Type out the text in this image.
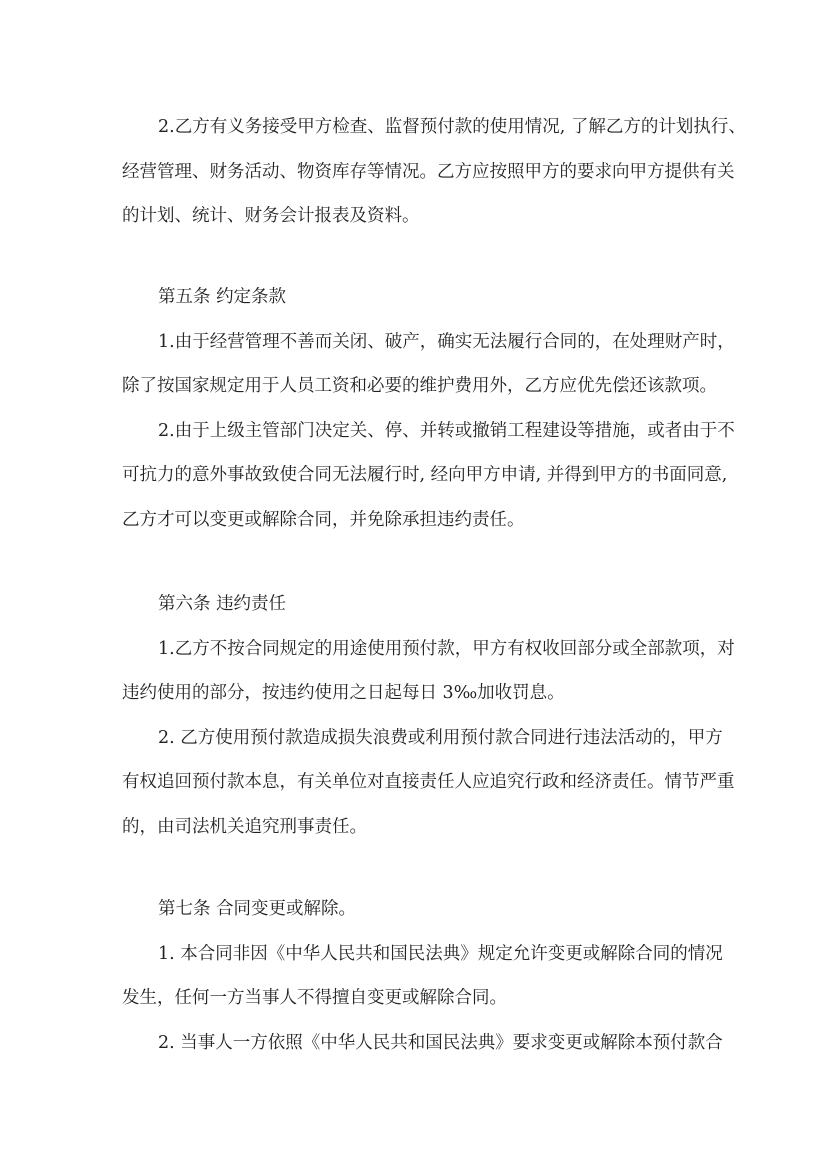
2.乙方有义务接受甲方检查、监督预付款的使用情况, 了解乙方的计划执行、
经营管理、财务活动、物资库存等情况。乙方应按照甲方的要求向甲方提供有关
的计划、统计、财务会计报表及资料。
第五条 约定条款
1.由于经营管理不善而关闭、破产，确实无法履行合同的，在处理财产时，
除了按国家规定用于人员工资和必要的维护费用外，乙方应优先偿还该款项。
2.由于上级主管部门决定关、停、并转或撤销工程建设等措施，或者由于不
可抗力的意外事故致使合同无法履行时, 经向甲方申请, 并得到甲方的书面同意,
乙方才可以变更或解除合同，并免除承担违约责任。
第六条 违约责任
1.乙方不按合同规定的用途使用预付款，甲方有权收回部分或全部款项，对
违约使用的部分，按违约使用之日起每日 3‰加收罚息。
2. 乙方使用预付款造成损失浪费或利用预付款合同进行违法活动的，甲方
有权追回预付款本息，有关单位对直接责任人应追究行政和经济责任。情节严重
的，由司法机关追究刑事责任。
第七条 合同变更或解除。
1. 本合同非因《中华人民共和国民法典》规定允许变更或解除合同的情况
发生，任何一方当事人不得擅自变更或解除合同。
2. 当事人一方依照《中华人民共和国民法典》要求变更或解除本预付款合
